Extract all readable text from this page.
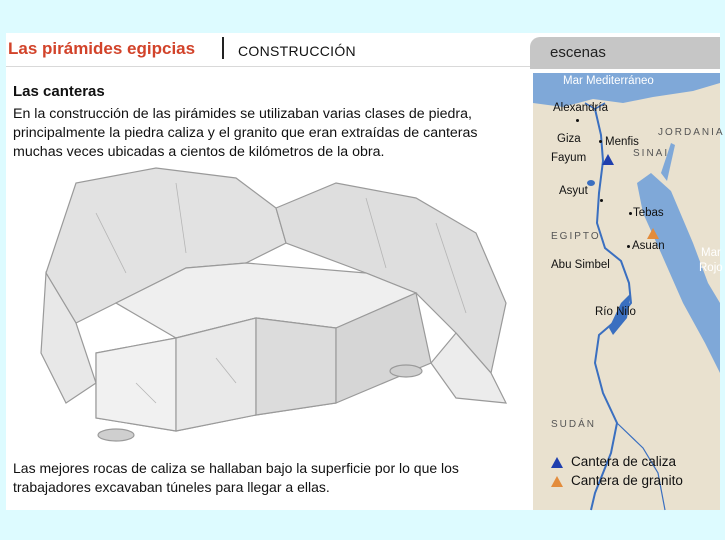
Las pirámides egipcias	CONSTRUCCIÓN	escenas
Las canteras
En la construcción de las pirámides se utilizaban varias clases de piedra, principalmente la piedra caliza y el granito que eran extraídas de canteras muchas veces ubicadas a cientos de kilómetros de la obra.
Las mejores rocas de caliza se hallaban bajo la superficie por lo que los trabajadores excavaban túneles para llegar a ellas.
Mar Mediterráneo
Alexandría
JORDANIA
Giza Menfis
SINAI
Fayum
Asyut
Tebas
EGIPTO
Asuan
Mar
Rojo
Abu Simbel
Río Nilo
SUDÁN
Cantera de caliza
Cantera de granito
